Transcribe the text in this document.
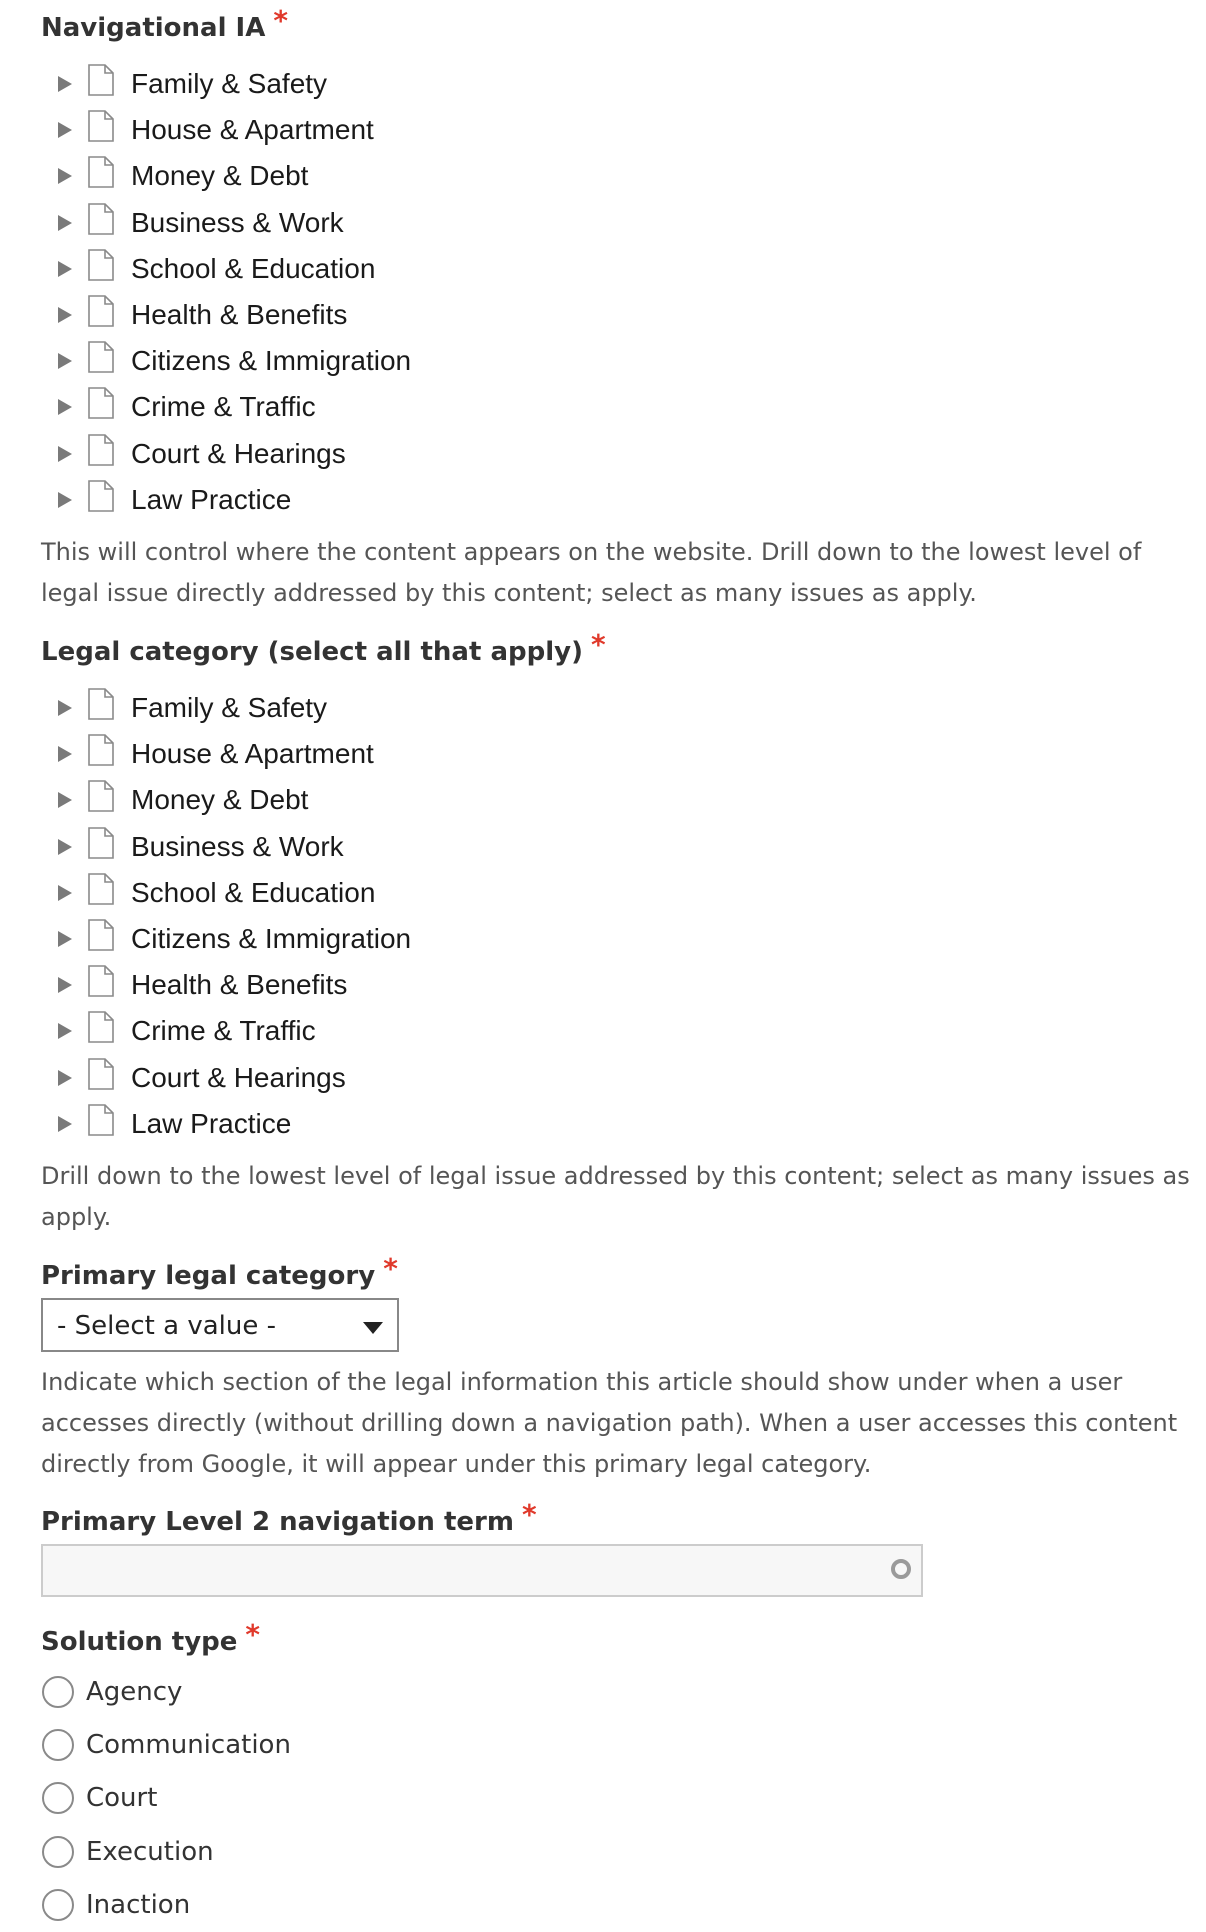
Navigational IA *
Family & Safety
House & Apartment
Money & Debt
Business & Work
School & Education
Health & Benefits
Citizens & Immigration
Crime & Traffic
Court & Hearings
Law Practice
This will control where the content appears on the website. Drill down to the lowest level of legal issue directly addressed by this content; select as many issues as apply.
Legal category (select all that apply) *
Family & Safety
House & Apartment
Money & Debt
Business & Work
School & Education
Citizens & Immigration
Health & Benefits
Crime & Traffic
Court & Hearings
Law Practice
Drill down to the lowest level of legal issue addressed by this content; select as many issues as apply.
Primary legal category *
- Select a value -
Indicate which section of the legal information this article should show under when a user accesses directly (without drilling down a navigation path). When a user accesses this content directly from Google, it will appear under this primary legal category.
Primary Level 2 navigation term *
Solution type *
Agency
Communication
Court
Execution
Inaction
